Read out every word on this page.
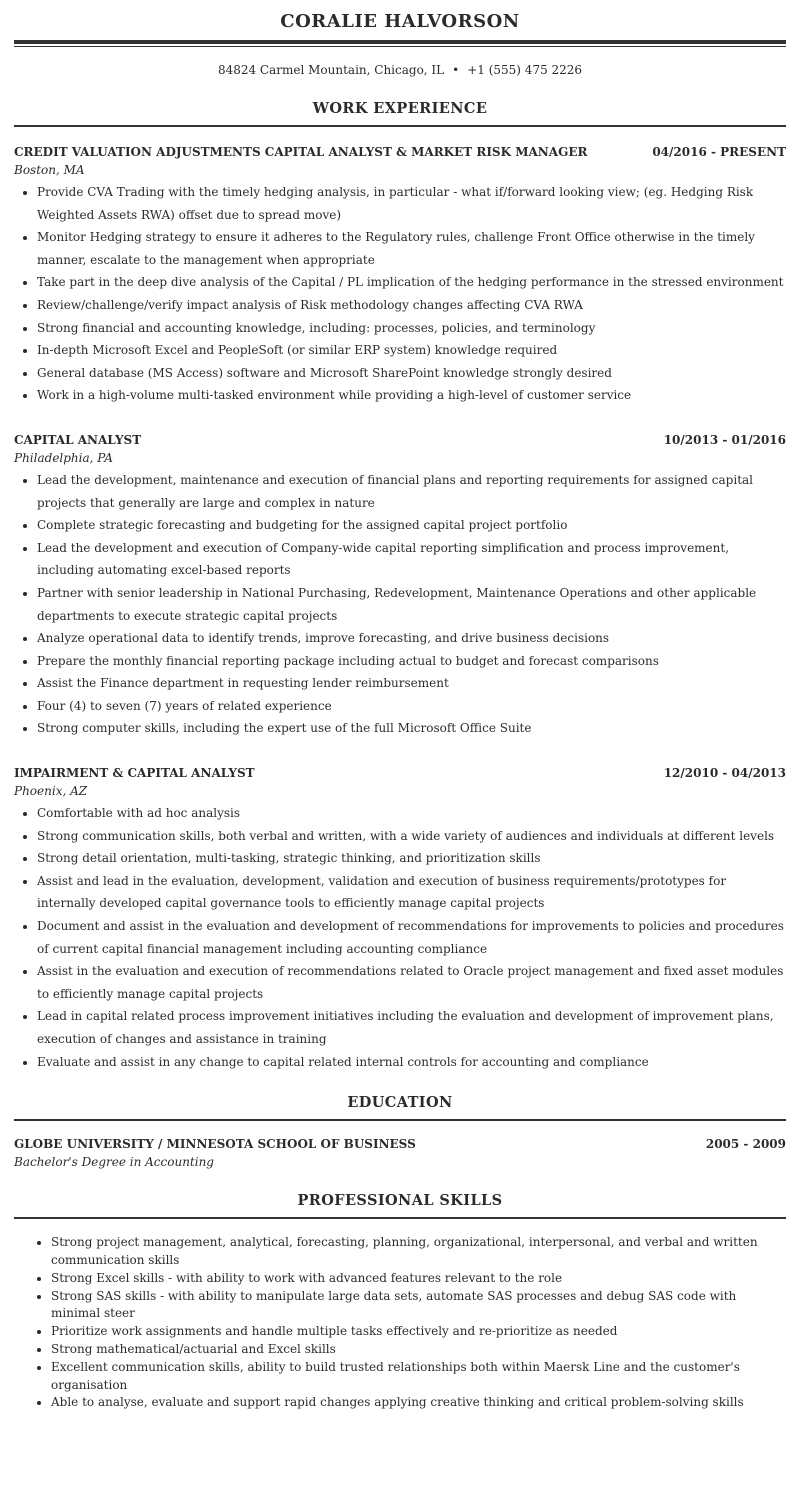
CORALIE HALVORSON
84824 Carmel Mountain, Chicago, IL • +1 (555) 475 2226
WORK EXPERIENCE
CREDIT VALUATION ADJUSTMENTS CAPITAL ANALYST & MARKET RISK MANAGER	04/2016 - PRESENT
Boston, MA
• Provide CVA Trading with the timely hedging analysis, in particular - what if/forward looking view; (eg. Hedging Risk Weighted Assets RWA) offset due to spread move)
• Monitor Hedging strategy to ensure it adheres to the Regulatory rules, challenge Front Office otherwise in the timely manner, escalate to the management when appropriate
• Take part in the deep dive analysis of the Capital / PL implication of the hedging performance in the stressed environment
• Review/challenge/verify impact analysis of Risk methodology changes affecting CVA RWA
• Strong financial and accounting knowledge, including: processes, policies, and terminology
• In-depth Microsoft Excel and PeopleSoft (or similar ERP system) knowledge required
• General database (MS Access) software and Microsoft SharePoint knowledge strongly desired
• Work in a high-volume multi-tasked environment while providing a high-level of customer service
CAPITAL ANALYST	10/2013 - 01/2016
Philadelphia, PA
• Lead the development, maintenance and execution of financial plans and reporting requirements for assigned capital projects that generally are large and complex in nature
• Complete strategic forecasting and budgeting for the assigned capital project portfolio
• Lead the development and execution of Company-wide capital reporting simplification and process improvement, including automating excel-based reports
• Partner with senior leadership in National Purchasing, Redevelopment, Maintenance Operations and other applicable departments to execute strategic capital projects
• Analyze operational data to identify trends, improve forecasting, and drive business decisions
• Prepare the monthly financial reporting package including actual to budget and forecast comparisons
• Assist the Finance department in requesting lender reimbursement
• Four (4) to seven (7) years of related experience
• Strong computer skills, including the expert use of the full Microsoft Office Suite
IMPAIRMENT & CAPITAL ANALYST	12/2010 - 04/2013
Phoenix, AZ
• Comfortable with ad hoc analysis
• Strong communication skills, both verbal and written, with a wide variety of audiences and individuals at different levels
• Strong detail orientation, multi-tasking, strategic thinking, and prioritization skills
• Assist and lead in the evaluation, development, validation and execution of business requirements/prototypes for internally developed capital governance tools to efficiently manage capital projects
• Document and assist in the evaluation and development of recommendations for improvements to policies and procedures of current capital financial management including accounting compliance
• Assist in the evaluation and execution of recommendations related to Oracle project management and fixed asset modules to efficiently manage capital projects
• Lead in capital related process improvement initiatives including the evaluation and development of improvement plans, execution of changes and assistance in training
• Evaluate and assist in any change to capital related internal controls for accounting and compliance
EDUCATION
GLOBE UNIVERSITY / MINNESOTA SCHOOL OF BUSINESS	2005 - 2009
Bachelor's Degree in Accounting
PROFESSIONAL SKILLS
• Strong project management, analytical, forecasting, planning, organizational, interpersonal, and verbal and written communication skills
• Strong Excel skills - with ability to work with advanced features relevant to the role
• Strong SAS skills - with ability to manipulate large data sets, automate SAS processes and debug SAS code with minimal steer
• Prioritize work assignments and handle multiple tasks effectively and re-prioritize as needed
• Strong mathematical/actuarial and Excel skills
• Excellent communication skills, ability to build trusted relationships both within Maersk Line and the customer's organisation
• Able to analyse, evaluate and support rapid changes applying creative thinking and critical problem-solving skills
